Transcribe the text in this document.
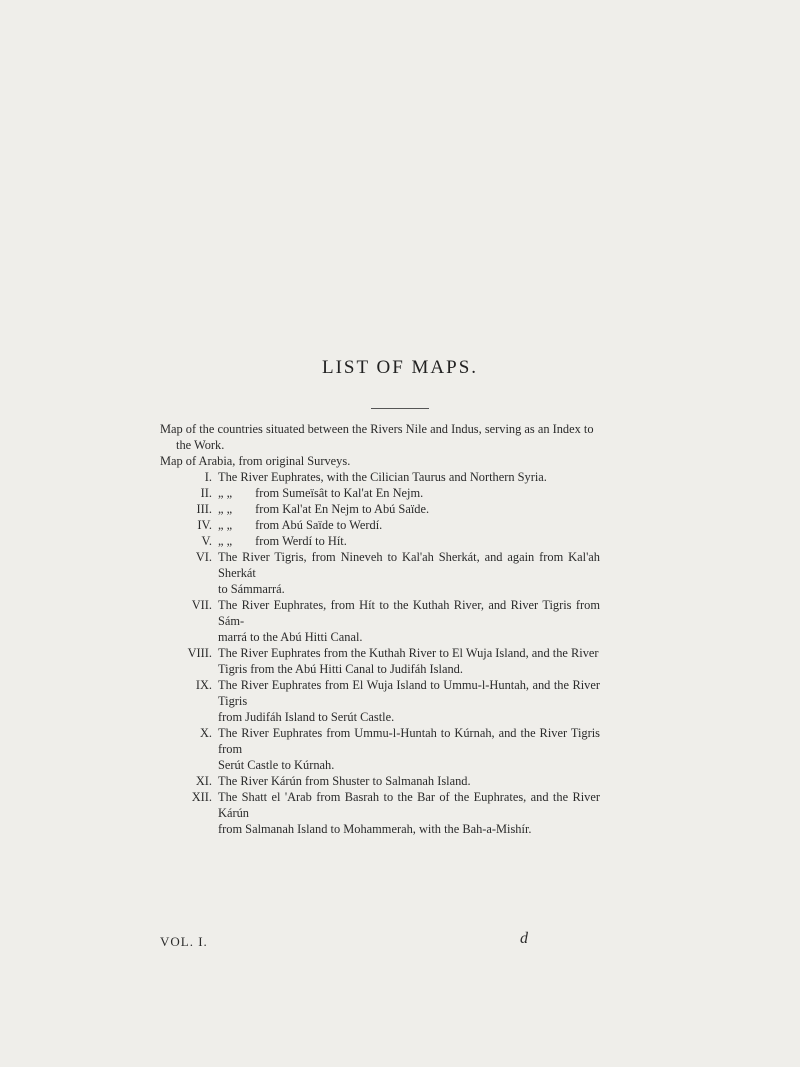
LIST OF MAPS.
Map of the countries situated between the Rivers Nile and Indus, serving as an Index to
the Work.
Map of Arabia, from original Surveys.
I. The River Euphrates, with the Cilician Taurus and Northern Syria.
II. „ „ from Sumeïsât to Kal'at En Nejm.
III. „ „ from Kal'at En Nejm to Abú Saïde.
IV. „ „ from Abú Saïde to Werdí.
V. „ „ from Werdí to Hít.
VI. The River Tigris, from Nineveh to Kal'ah Sherkát, and again from Kal'ah Sherkát
to Sámmarrá.
VII. The River Euphrates, from Hít to the Kuthah River, and River Tigris from Sám-
marrá to the Abú Hitti Canal.
VIII. The River Euphrates from the Kuthah River to El Wuja Island, and the River
Tigris from the Abú Hitti Canal to Judifáh Island.
IX. The River Euphrates from El Wuja Island to Ummu-l-Huntah, and the River Tigris
from Judifáh Island to Serút Castle.
X. The River Euphrates from Ummu-l-Huntah to Kúrnah, and the River Tigris from
Serút Castle to Kúrnah.
XI. The River Kárún from Shuster to Salmanah Island.
XII. The Shatt el 'Arab from Basrah to the Bar of the Euphrates, and the River Kárún
from Salmanah Island to Mohammerah, with the Bah-a-Mishír.
VOL. I.	d
